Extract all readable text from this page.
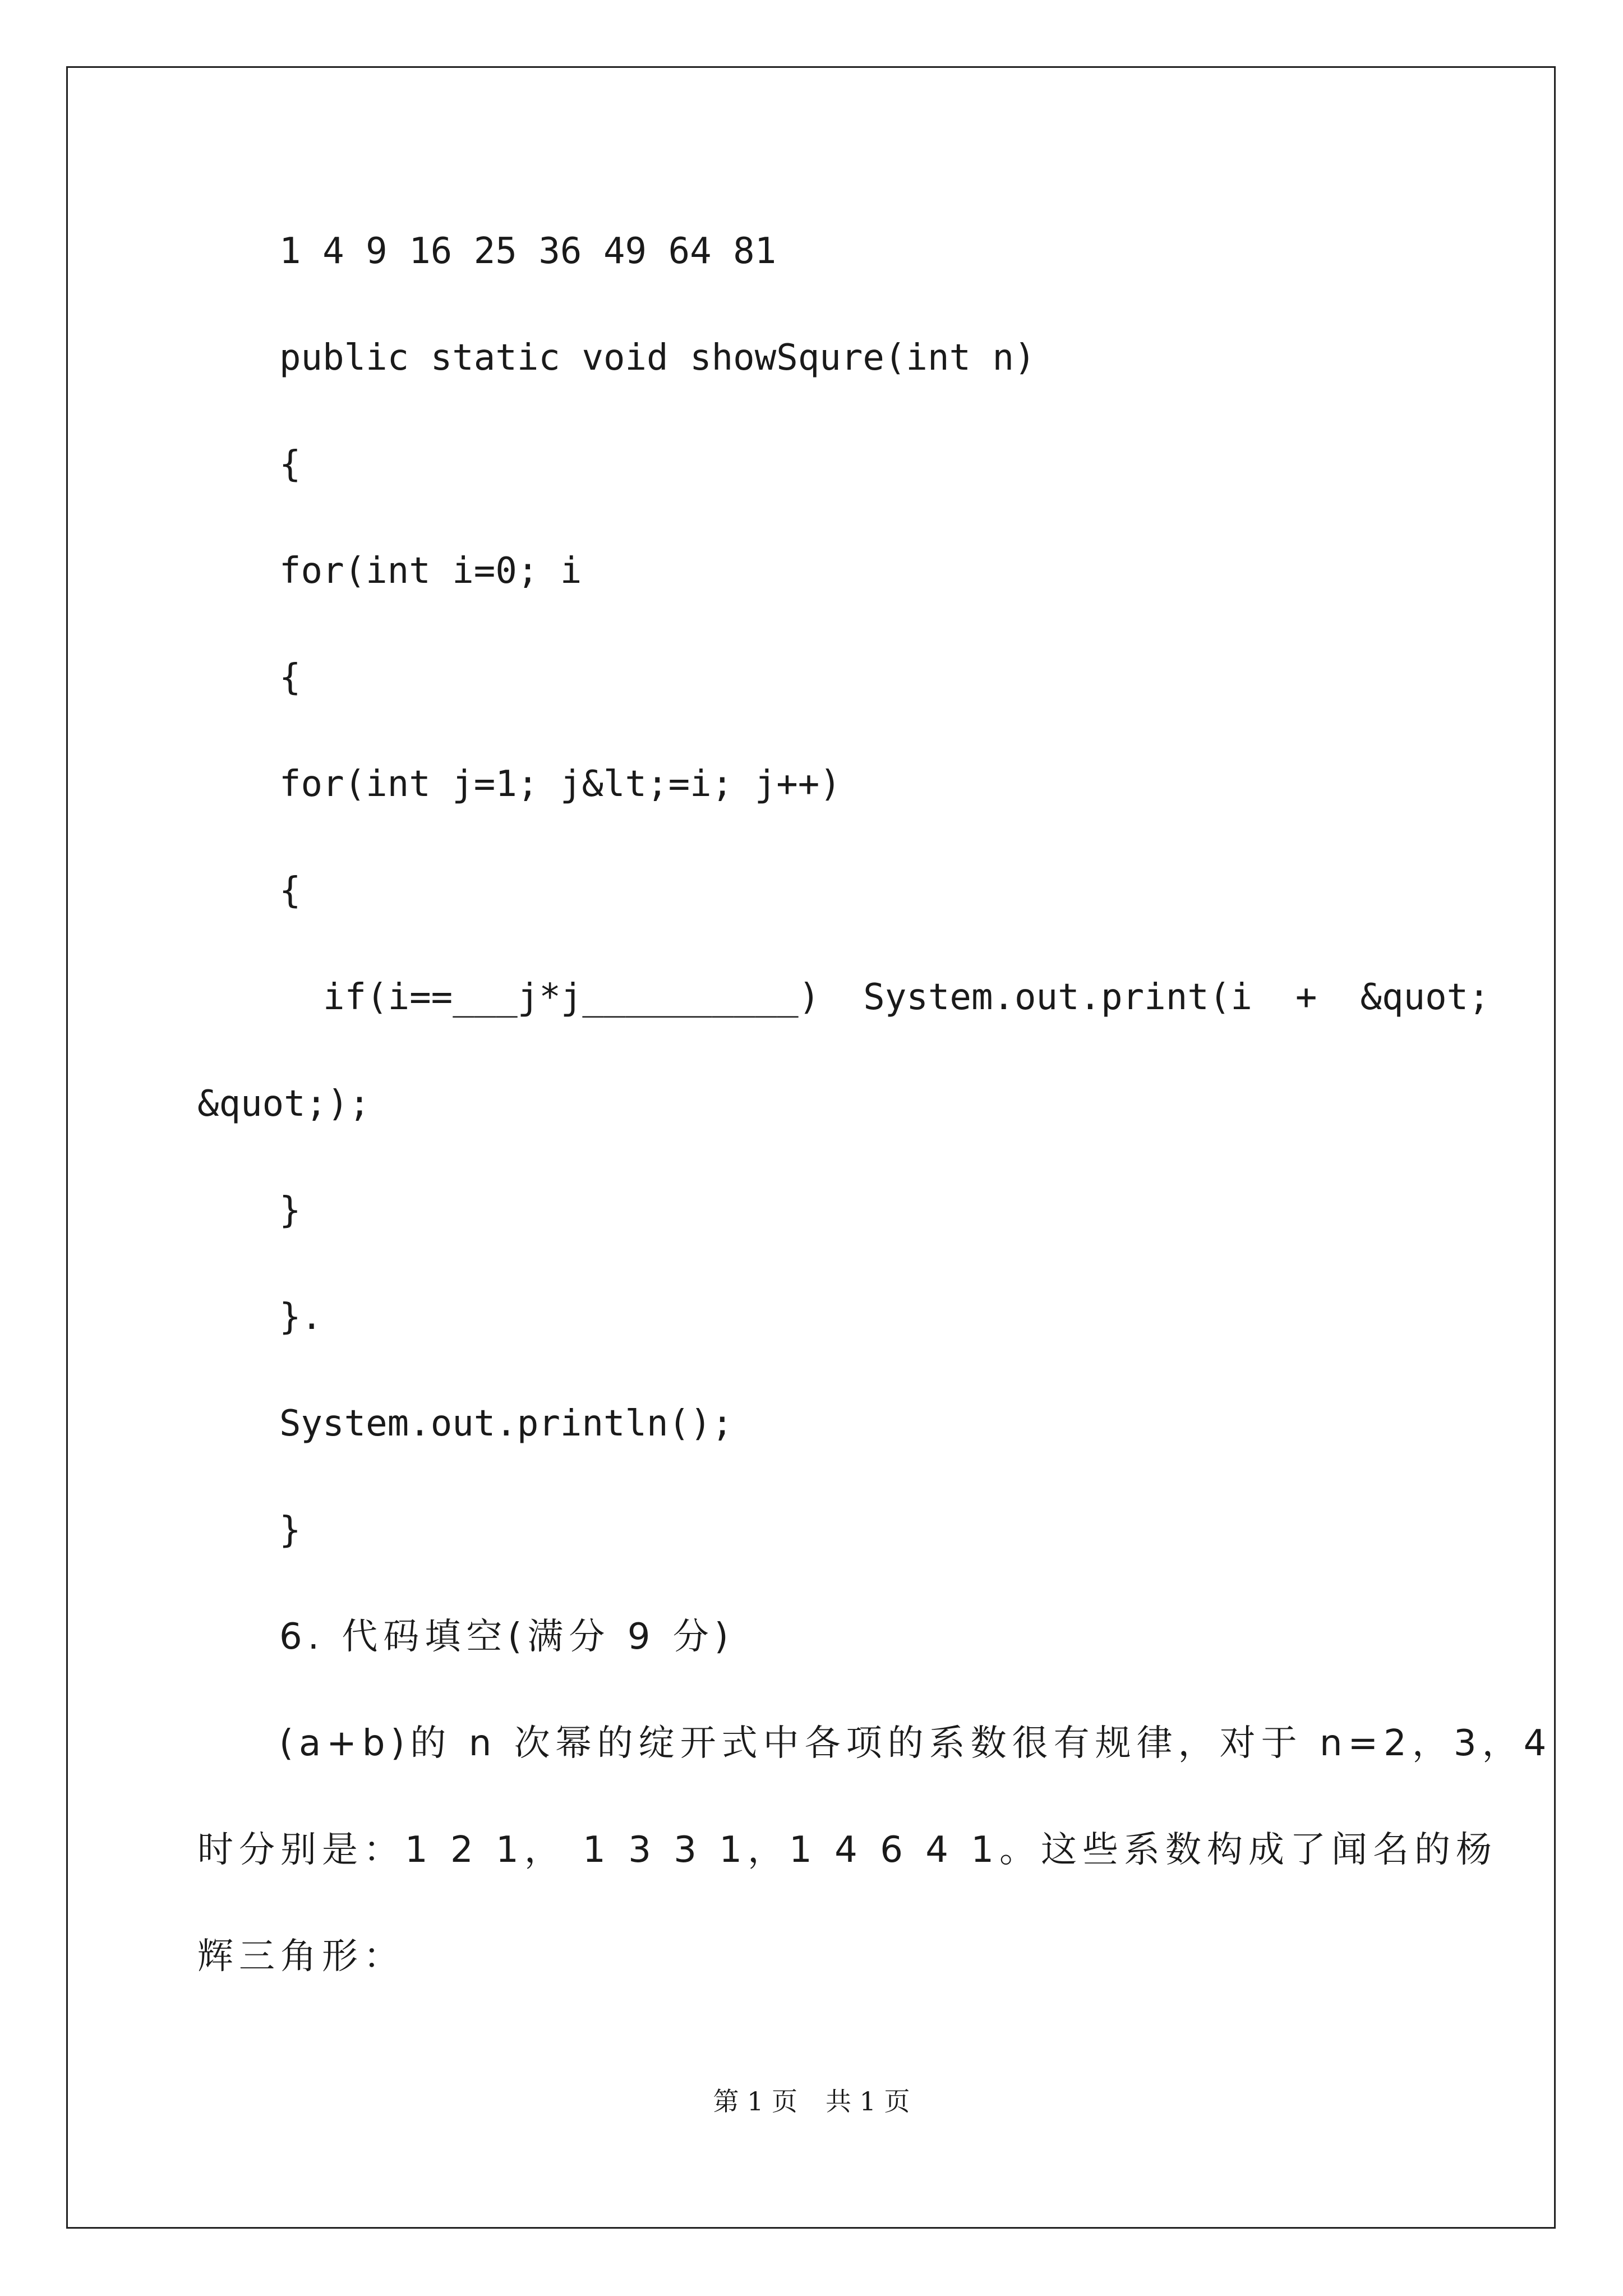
1 4 9 16 25 36 49 64 81
public static void showSqure(int n)
{
for(int i=0; i
{
for(int j=1; j&lt;=i; j++)
{
if(i==___j*j__________)  System.out.print(i  +  &quot;
&quot;);
}
}.
System.out.println();
}
6. 代码填空(满分 9 分)
(a+b)的 n 次幂的绽开式中各项的系数很有规律，对于 n=2，3，4
时分别是：1 2 1， 1 3 3 1，1 4 6 4 1。这些系数构成了闻名的杨
辉三角形：
第 1 页 共 1 页
